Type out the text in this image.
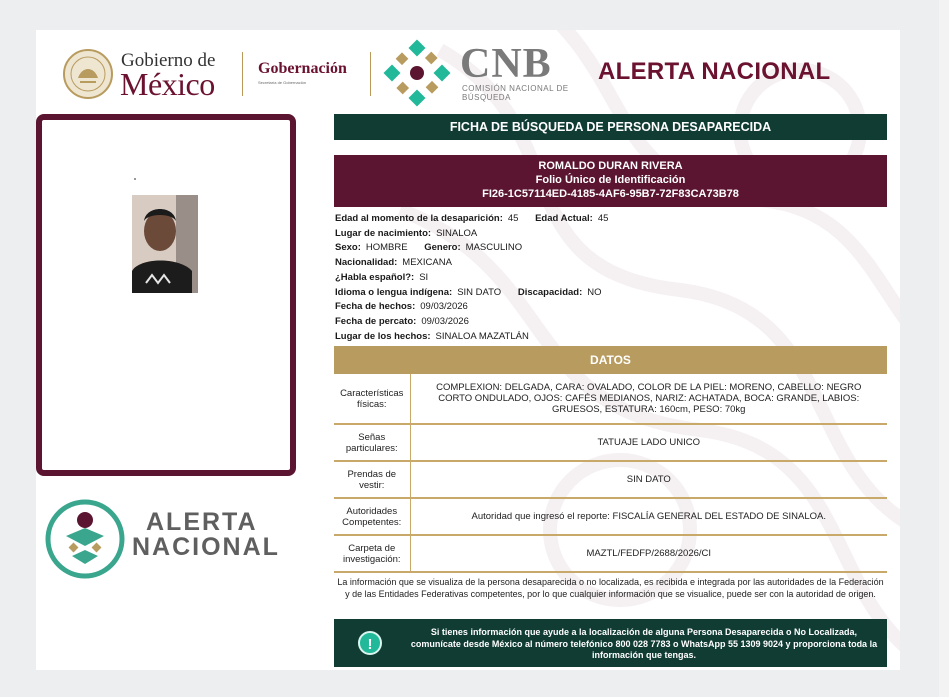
Gobierno de
México	Gobernación
Secretaría de Gobernación	CNB
COMISIÓN NACIONAL DE BÚSQUEDA
ALERTA NACIONAL
ALERTA
NACIONAL
FICHA DE BÚSQUEDA DE PERSONA DESAPARECIDA
ROMALDO DURAN RIVERA
Folio Único de Identificación
FI26-1C57114ED-4185-4AF6-95B7-72F83CA73B78
Edad al momento de la desaparición: 45 Edad Actual: 45
Lugar de nacimiento: SINALOA
Sexo: HOMBRE Genero: MASCULINO
Nacionalidad: MEXICANA
¿Habla español?: SI
Idioma o lengua indígena: SIN DATO Discapacidad: NO
Fecha de hechos: 09/03/2026
Fecha de percato: 09/03/2026
Lugar de los hechos: SINALOA MAZATLÁN
DATOS
Características físicas:	COMPLEXION: DELGADA, CARA: OVALADO, COLOR DE LA PIEL: MORENO, CABELLO: NEGRO CORTO ONDULADO, OJOS: CAFÉS MEDIANOS, NARIZ: ACHATADA, BOCA: GRANDE, LABIOS: GRUESOS, ESTATURA: 160cm, PESO: 70kg
Señas particulares:	TATUAJE LADO UNICO
Prendas de vestir:	SIN DATO
Autoridades Competentes:	Autoridad que ingresó el reporte: FISCALÍA GENERAL DEL ESTADO DE SINALOA.
Carpeta de investigación:	MAZTL/FEDFP/2688/2026/CI
La información que se visualiza de la persona desaparecida o no localizada, es recibida e integrada por las autoridades de la Federación y de las Entidades Federativas competentes, por lo que cualquier información que se visualice, puede ser con la autoridad de origen.
!
Si tienes información que ayude a la localización de alguna Persona Desaparecida o No Localizada, comunícate desde México al número telefónico 800 028 7783 o WhatsApp 55 1309 9024 y proporciona toda la información que tengas.
